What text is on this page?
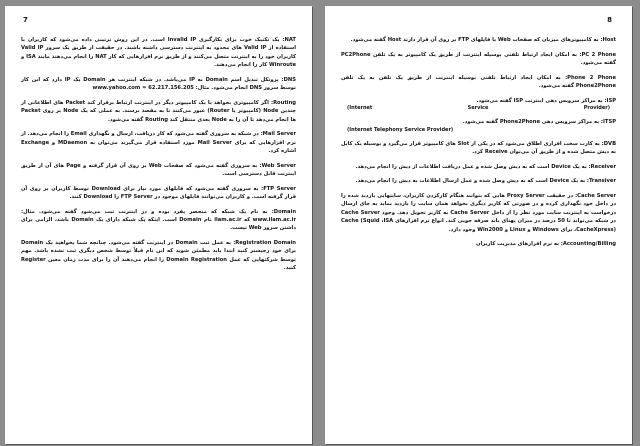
7
NAT: یک تکنیک خوب برای بکارگیری Invalid IP است. در این روش ترتیبی داده می‌شود که کاربران با استفاده از Valid IP های محدود به اینترنت دسترسی داشته باشند. در حقیقت از طریق یک سرور Valid IP کاربران خود را به اینترنت متصل می‌کنند و از طریق نرم افزارهایی که کار NAT را انجام می‌دهند مانند ISA و Winroute کار را انجام می‌دهند.
DNS: پروتکل تبدیل اسم Domain به IP می‌باشد. در شبکه اینترنت هر Domain یک IP دارد که این کار توسط سرور DNS انجام می‌شود. مثال: www.yahoo.com = 62.217.156.205
Routing: اگر کامپیوتری بخواهد با یک کامپیوتر دیگر در اینترنت ارتباط برقرار کند Packet های اطلاعاتی از چندین Node (کامپیوتر یا Router) عبور می‌کنند تا به مقصد برسند. به عملی که یک Node بر روی Packet ها انجام می‌دهد تا آن را به Node بعدی منتقل کند Routing گفته می‌شود.
Mail Server: در شبکه به سروری گفته می‌شود که کار دریافت، ارسال و نگهداری Email را انجام می‌دهد. از نرم افزارهایی که برای Mail Server مورد استفاده قرار می‌گیرند می‌توان به MDaemon و Exchange اشاره کرد.
Web Server: به سروری گفته می‌شود که صفحات Web بر روی آن قرار گرفته و Page های آن از طریق اینترنت قابل دسترسی است.
FTP Server: به سروری گفته می‌شود که فایلهای مورد نیاز برای Download توسط کاربران بر روی آن قرار گرفته است. و کاربران می‌توانند فایلهای موجود در FTP Server را Download کنند.
Domain: به نام یک شبکه که منحصر بفرد بوده و در اینترنت ثبت می‌شود گفته می‌شود. مثال: www.ilam.ac.ir که ilam.ac.ir نام Domain است. اینکه یک شبکه دارای یک Domain باشد، الزامی برای داشتن سرور Web نیست.
Registration Domain: به عمل ثبت Domain در اینترنت گفته می‌شود. چنانچه شما بخواهید یک Domain برای خود رجیستر کنید ابتدا باید مطمئن شوید که این نام قبلاً توسط شخص دیگری ثبت نشده باشد. مهم توسط شرکتهایی که عمل Domain Registration را انجام می‌دهند آن را برای مدت زمان معین Register کنید.
8
Host: به کامپیوترهای میزبان که صفحات Web یا فایلهای FTP بر روی آن قرار دارند Host گفته می‌شود.
PC 2 Phone: به امکان ایجاد ارتباط تلفنی بوسیله اینترنت از طریق یک کامپیوتر به یک تلفن PC2Phone گفته می‌شود.
Phone 2 Phone: به امکان ایجاد ارتباط تلفنی بوسیله اینترنت از طریق یک تلفن به یک تلفن Phone2Phone گفته می‌شود.
ISP: به مراکز سرویس دهی اینترنت ISP گفته می‌شود.
(Internet	Service	Provider)
ITSP: به مراکز سرویس دهی Phone2Phone گفته می‌شود.
(Internet Telephony Service Provider)
DVB: به کارت سخت افزاری اطلاق می‌شود که در یکی از Slot های کامپیوتر قرار می‌گیرد و بوسیله یک کابل به دیش متصل شده و از طریق آن می‌توان Receive کرد.
Receiver: به یک Device است که به دیش وصل شده و عمل دریافت اطلاعات از دیش را انجام می‌دهد.
Transiver: به یک Device است که به دیش وصل شده و عمل ارسال اطلاعات به دیش را انجام می‌دهد.
Cache Server: در حقیقت Proxy Server هایی که بتوانند هنگام کارکردن کاربران، سایتهایی بازدید شده را در داخل خود نگهداری کرده و در صورتی که کاربر دیگری بخواهد همان سایت را بازدید نماید به جای ارسال درخواست به اینترنت سایت مورد نظر را از داخل Cache Server به کاربر تحویل دهد. وجود Cache Server در شبکه می‌تواند تا 50 درصد در میزان پهنای باند صرفه جویی کند. انواع نرم افزارهای Cache (Squid ،ISA ،CacheXpress) برای Windows و Linux و Win2000 وجود دارد.
Accounting/Billing: به نرم افزارهای مدیریت کاربران
